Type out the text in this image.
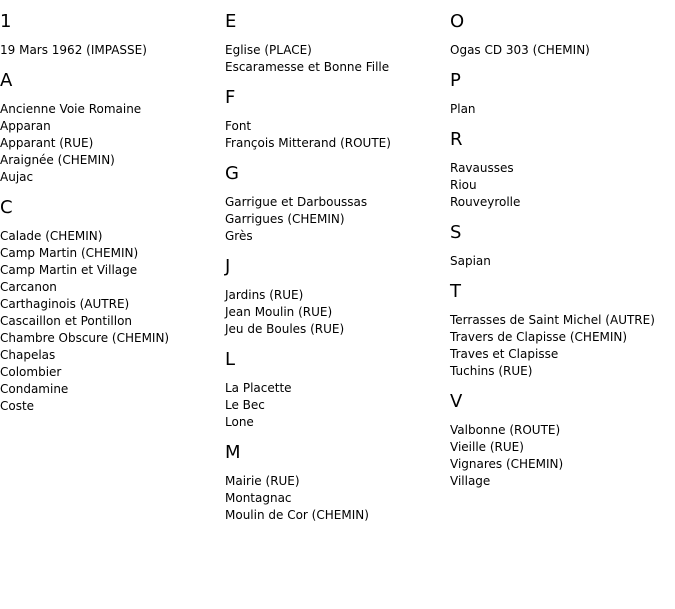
1
19 Mars 1962 (IMPASSE)
A
Ancienne Voie Romaine
Apparan
Apparant (RUE)
Araignée (CHEMIN)
Aujac
C
Calade (CHEMIN)
Camp Martin (CHEMIN)
Camp Martin et Village
Carcanon
Carthaginois (AUTRE)
Cascaillon et Pontillon
Chambre Obscure (CHEMIN)
Chapelas
Colombier
Condamine
Coste
E
Eglise (PLACE)
Escaramesse et Bonne Fille
F
Font
François Mitterand (ROUTE)
G
Garrigue et Darboussas
Garrigues (CHEMIN)
Grès
J
Jardins (RUE)
Jean Moulin (RUE)
Jeu de Boules (RUE)
L
La Placette
Le Bec
Lone
M
Mairie (RUE)
Montagnac
Moulin de Cor (CHEMIN)
O
Ogas CD 303 (CHEMIN)
P
Plan
R
Ravausses
Riou
Rouveyrolle
S
Sapian
T
Terrasses de Saint Michel (AUTRE)
Travers de Clapisse (CHEMIN)
Traves et Clapisse
Tuchins (RUE)
V
Valbonne (ROUTE)
Vieille (RUE)
Vignares (CHEMIN)
Village
